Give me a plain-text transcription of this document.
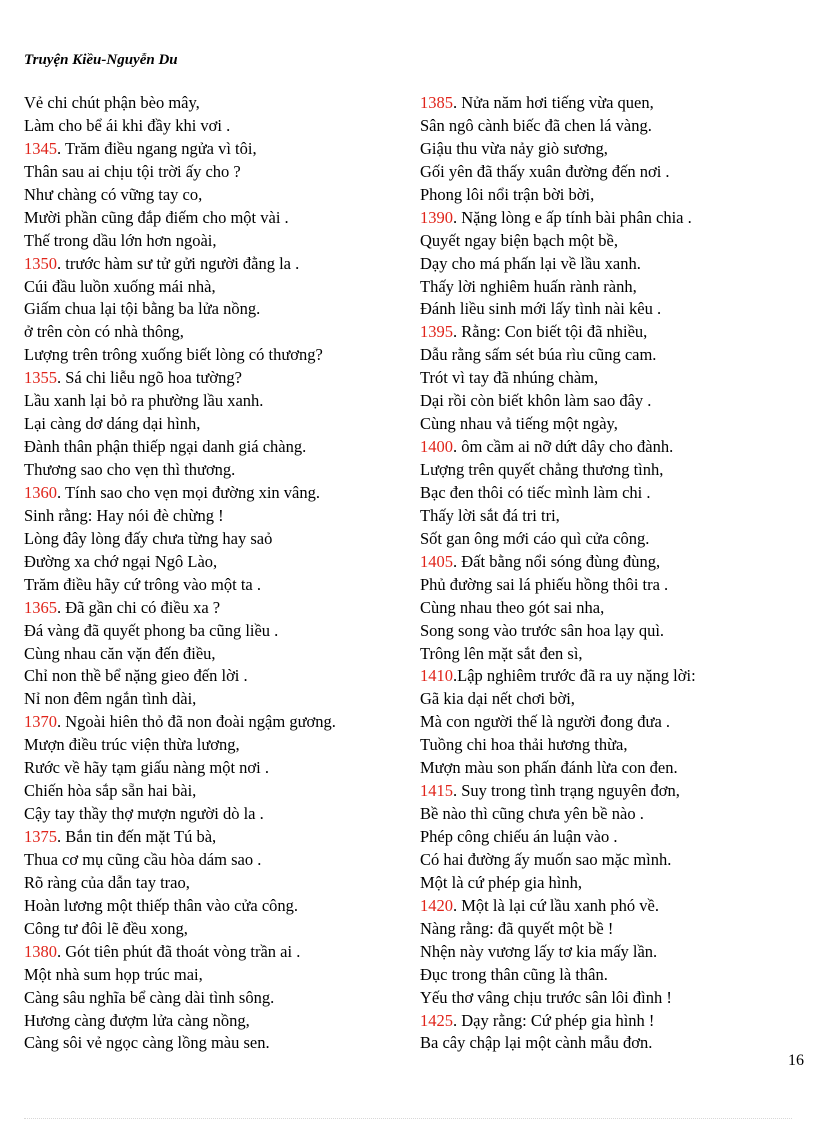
Truyện Kiều-Nguyễn Du
Vẻ chi chút phận bèo mây,
Làm cho bể ái khi đầy khi vơi .
1345. Trăm điều ngang ngửa vì tôi,
Thân sau ai chịu tội trời ấy cho ?
Như chàng có vững tay co,
Mười phần cũng đắp điếm cho một vài .
Thế trong dầu lớn hơn ngoài,
1350. trước hàm sư tử gửi người đằng la .
Cúi đầu luồn xuống mái nhà,
Giấm chua lại tội bằng ba lửa nồng.
ở trên còn có nhà thông,
Lượng trên trông xuống biết lòng có thương?
1355. Sá chi liễu ngõ hoa tường?
Lầu xanh lại bỏ ra phường lầu xanh.
Lại càng dơ dáng dại hình,
Đành thân phận thiếp ngại danh giá chàng.
Thương sao cho vẹn thì thương.
1360. Tính sao cho vẹn mọi đường xin vâng.
Sinh rằng: Hay nói đè chừng !
Lòng đây lòng đấy chưa từng hay saỏ
Đường xa chớ ngại Ngô Lào,
Trăm điều hãy cứ trông vào một ta .
1365. Đã gần chi có điều xa ?
Đá vàng đã quyết phong ba cũng liều .
Cùng nhau căn vặn đến điều,
Chỉ non thề bể nặng gieo đến lời .
Nỉ non đêm ngắn tình dài,
1370. Ngoài hiên thỏ đã non đoài ngậm gương.
Mượn điều trúc viện thừa lương,
Rước về hãy tạm giấu nàng một nơi .
Chiến hòa sắp sẵn hai bài,
Cậy tay thầy thợ mượn người dò la .
1375. Bắn tin đến mặt Tú bà,
Thua cơ mụ cũng cầu hòa dám sao .
Rõ ràng của dẫn tay trao,
Hoàn lương một thiếp thân vào cửa công.
Công tư đôi lẽ đều xong,
1380. Gót tiên phút đã thoát vòng trần ai .
Một nhà sum họp trúc mai,
Càng sâu nghĩa bể càng dài tình sông.
Hương càng đượm lửa càng nồng,
Càng sôi vẻ ngọc càng lồng màu sen.
1385. Nửa năm hơi tiếng vừa quen,
Sân ngô cành biếc đã chen lá vàng.
Giậu thu vừa nảy giò sương,
Gối yên đã thấy xuân đường đến nơi .
Phong lôi nổi trận bời bời,
1390. Nặng lòng e ấp tính bài phân chia .
Quyết ngay biện bạch một bề,
Dạy cho má phấn lại về lầu xanh.
Thấy lời nghiêm huấn rành rành,
Đánh liều sinh mới lấy tình nài kêu .
1395. Rằng: Con biết tội đã nhiều,
Dẫu rằng sấm sét búa rìu cũng cam.
Trót vì tay đã nhúng chàm,
Dại rồi còn biết khôn làm sao đây .
Cùng nhau vả tiếng một ngày,
1400. ôm cầm ai nỡ dứt dây cho đành.
Lượng trên quyết chẳng thương tình,
Bạc đen thôi có tiếc mình làm chi .
Thấy lời sắt đá tri tri,
Sốt gan ông mới cáo quì cửa công.
1405. Đất bằng nổi sóng đùng đùng,
Phủ đường sai lá phiếu hồng thôi tra .
Cùng nhau theo gót sai nha,
Song song vào trước sân hoa lạy quì.
Trông lên mặt sắt đen sì,
1410.Lập nghiêm trước đã ra uy nặng lời:
Gã kia dại nết chơi bời,
Mà con người thế là người đong đưa .
Tuồng chi hoa thải hương thừa,
Mượn màu son phấn đánh lừa con đen.
1415. Suy trong tình trạng nguyên đơn,
Bề nào thì cũng chưa yên bề nào .
Phép công chiếu án luận vào .
Có hai đường ấy muốn sao mặc mình.
Một là cứ phép gia hình,
1420. Một là lại cứ lầu xanh phó về.
Nàng rằng: đã quyết một bề !
Nhện này vương lấy tơ kia mấy lần.
Đục trong thân cũng là thân.
Yếu thơ vâng chịu trước sân lôi đình !
1425. Dạy rằng: Cứ phép gia hình !
Ba cây chập lại một cành mẫu đơn.
16
